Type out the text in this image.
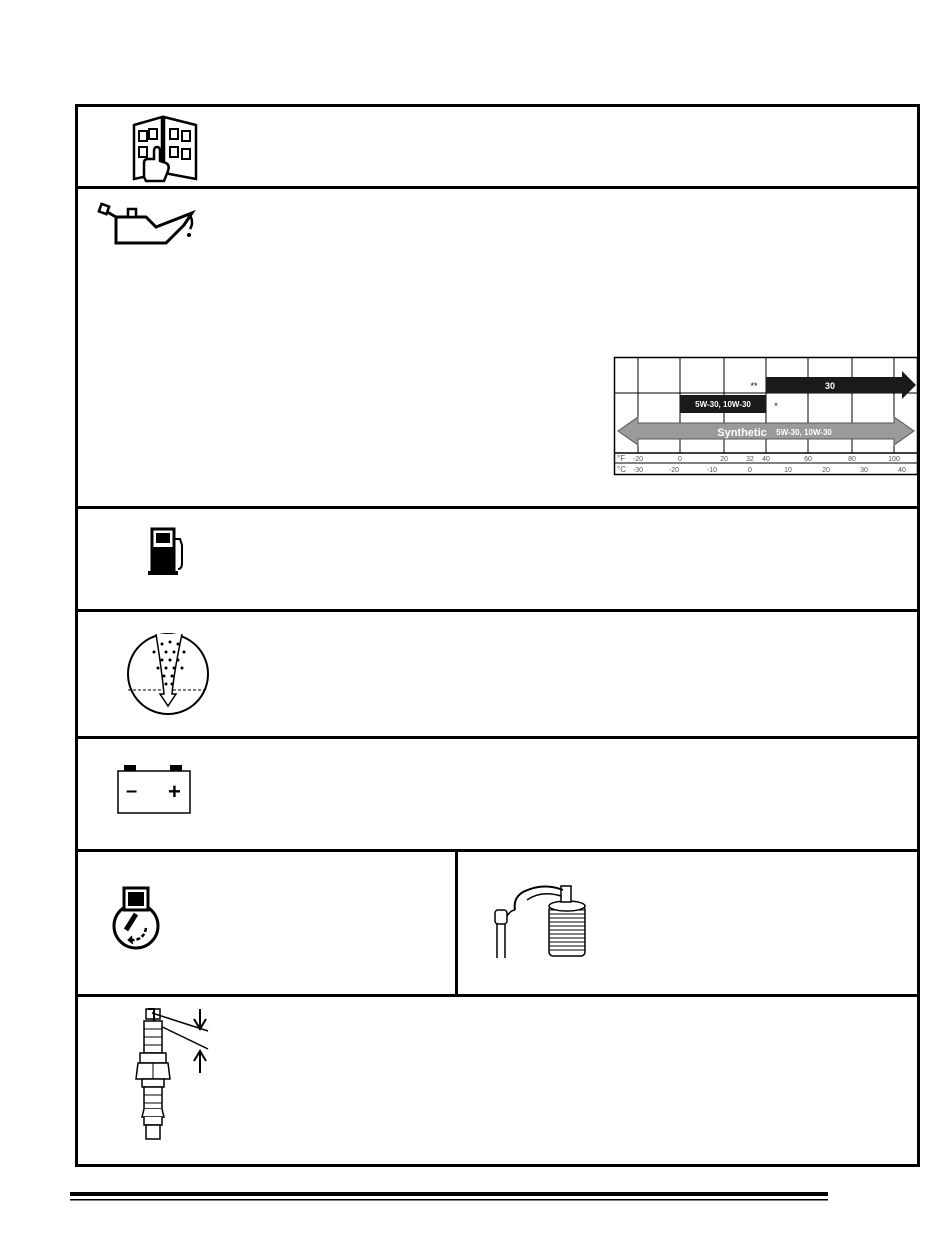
30
**
5W-30, 10W-30	*
Synthetic 5W-30, 10W-30
-20	0	20	32 40	60	80	100
-30	-20	-10	0	10	20	30	40
°F
°C
– +
